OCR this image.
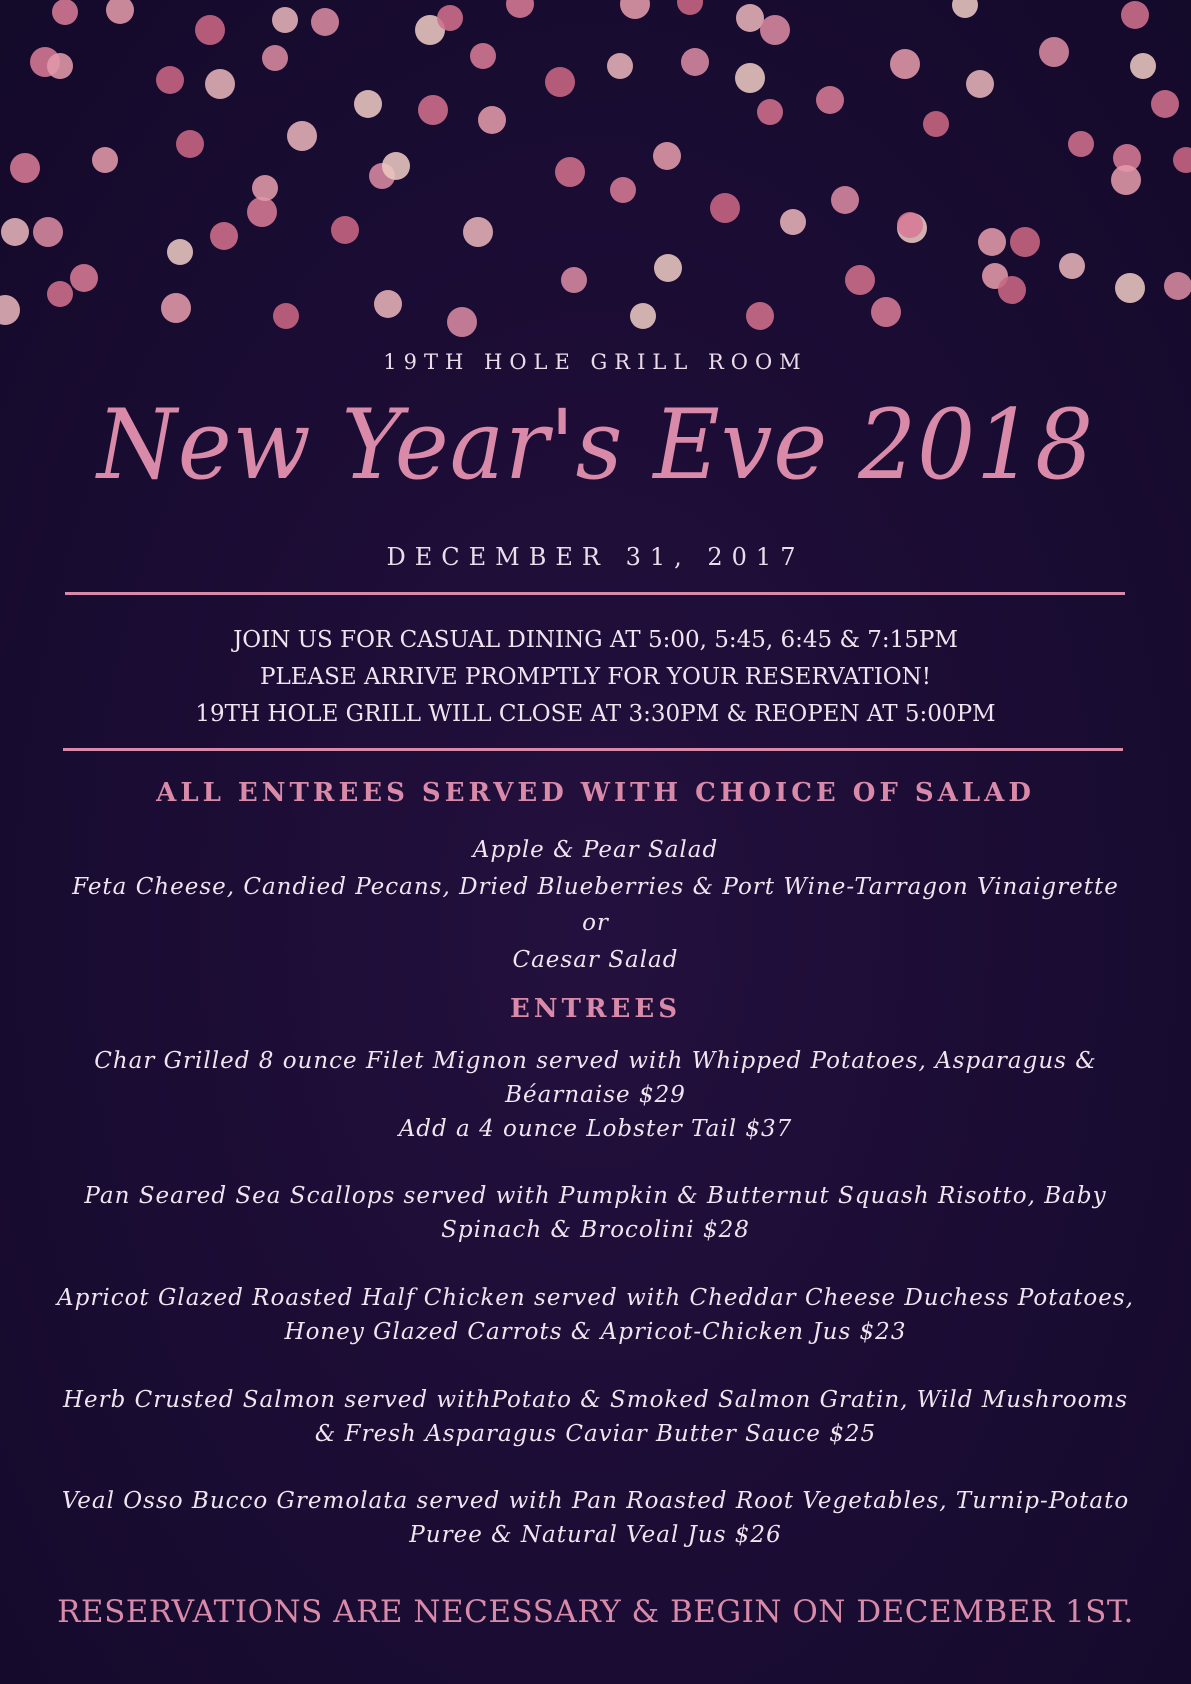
19TH HOLE GRILL ROOM
New Year's Eve 2018
DECEMBER 31, 2017
JOIN US FOR CASUAL DINING AT 5:00, 5:45, 6:45 & 7:15PM
PLEASE ARRIVE PROMPTLY FOR YOUR RESERVATION!
19TH HOLE GRILL WILL CLOSE AT 3:30PM & REOPEN AT 5:00PM
ALL ENTREES SERVED WITH CHOICE OF SALAD
Apple & Pear Salad
Feta Cheese, Candied Pecans, Dried Blueberries & Port Wine-Tarragon Vinaigrette
or
Caesar Salad
ENTREES
Char Grilled 8 ounce Filet Mignon served with Whipped Potatoes, Asparagus &
Béarnaise $29
Add a 4 ounce Lobster Tail $37
Pan Seared Sea Scallops served with Pumpkin & Butternut Squash Risotto, Baby
Spinach & Brocolini $28
Apricot Glazed Roasted Half Chicken served with Cheddar Cheese Duchess Potatoes,
Honey Glazed Carrots & Apricot-Chicken Jus $23
Herb Crusted Salmon served withPotato & Smoked Salmon Gratin, Wild Mushrooms
& Fresh Asparagus Caviar Butter Sauce $25
Veal Osso Bucco Gremolata served with Pan Roasted Root Vegetables, Turnip-Potato
Puree & Natural Veal Jus $26
RESERVATIONS ARE NECESSARY & BEGIN ON DECEMBER 1ST.
